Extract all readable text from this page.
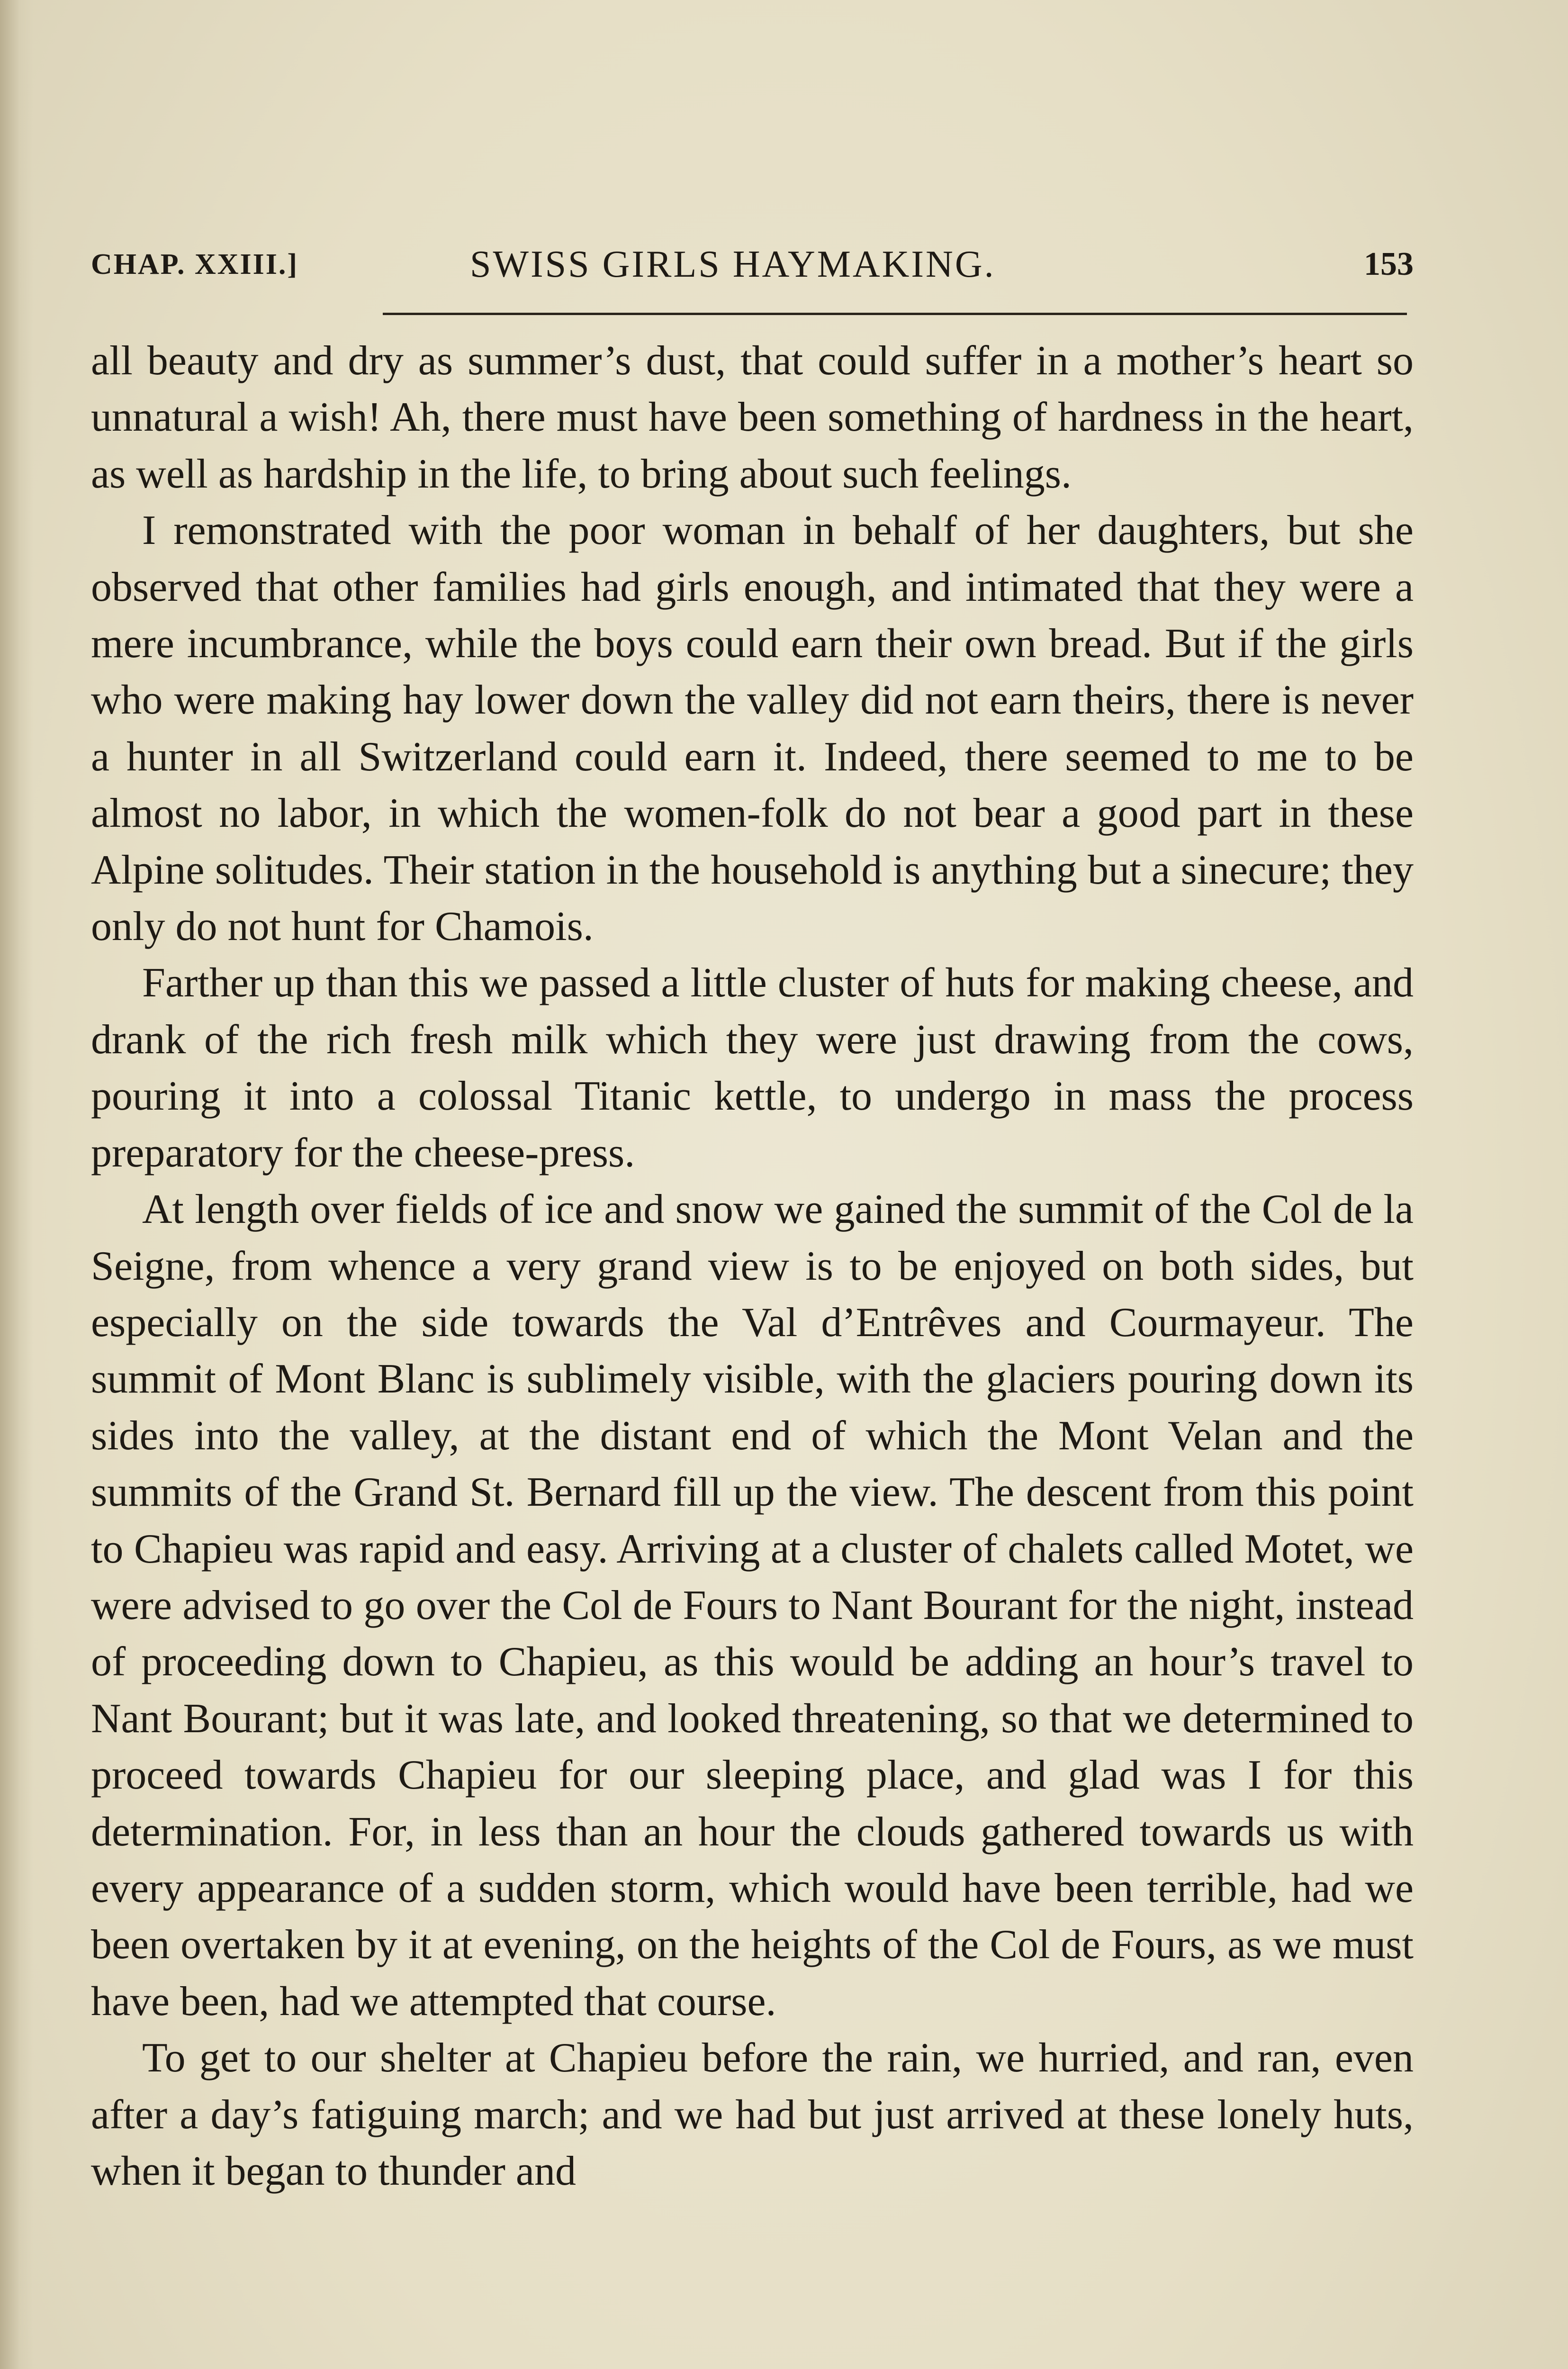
CHAP. XXIII.]	SWISS GIRLS HAYMAKING.	153

all beauty and dry as summer’s dust, that could suffer in a mother’s heart so unnatural a wish! Ah, there must have been something of hardness in the heart, as well as hardship in the life, to bring about such feelings.

I remonstrated with the poor woman in behalf of her daughters, but she observed that other families had girls enough, and intimated that they were a mere incumbrance, while the boys could earn their own bread. But if the girls who were making hay lower down the valley did not earn theirs, there is never a hunter in all Switzerland could earn it. Indeed, there seemed to me to be almost no labor, in which the women-folk do not bear a good part in these Alpine solitudes. Their station in the household is anything but a sinecure; they only do not hunt for Chamois.

Farther up than this we passed a little cluster of huts for making cheese, and drank of the rich fresh milk which they were just drawing from the cows, pouring it into a colossal Titanic kettle, to undergo in mass the process preparatory for the cheese-press.

At length over fields of ice and snow we gained the summit of the Col de la Seigne, from whence a very grand view is to be enjoyed on both sides, but especially on the side towards the Val d’Entrêves and Courmayeur. The summit of Mont Blanc is sublimely visible, with the glaciers pouring down its sides into the valley, at the distant end of which the Mont Velan and the summits of the Grand St. Bernard fill up the view. The descent from this point to Chapieu was rapid and easy. Arriving at a cluster of chalets called Motet, we were advised to go over the Col de Fours to Nant Bourant for the night, instead of proceeding down to Chapieu, as this would be adding an hour’s travel to Nant Bourant; but it was late, and looked threatening, so that we determined to proceed towards Chapieu for our sleeping place, and glad was I for this determination. For, in less than an hour the clouds gathered towards us with every appearance of a sudden storm, which would have been terrible, had we been overtaken by it at evening, on the heights of the Col de Fours, as we must have been, had we attempted that course.

To get to our shelter at Chapieu before the rain, we hurried, and ran, even after a day’s fatiguing march; and we had but just arrived at these lonely huts, when it began to thunder and
